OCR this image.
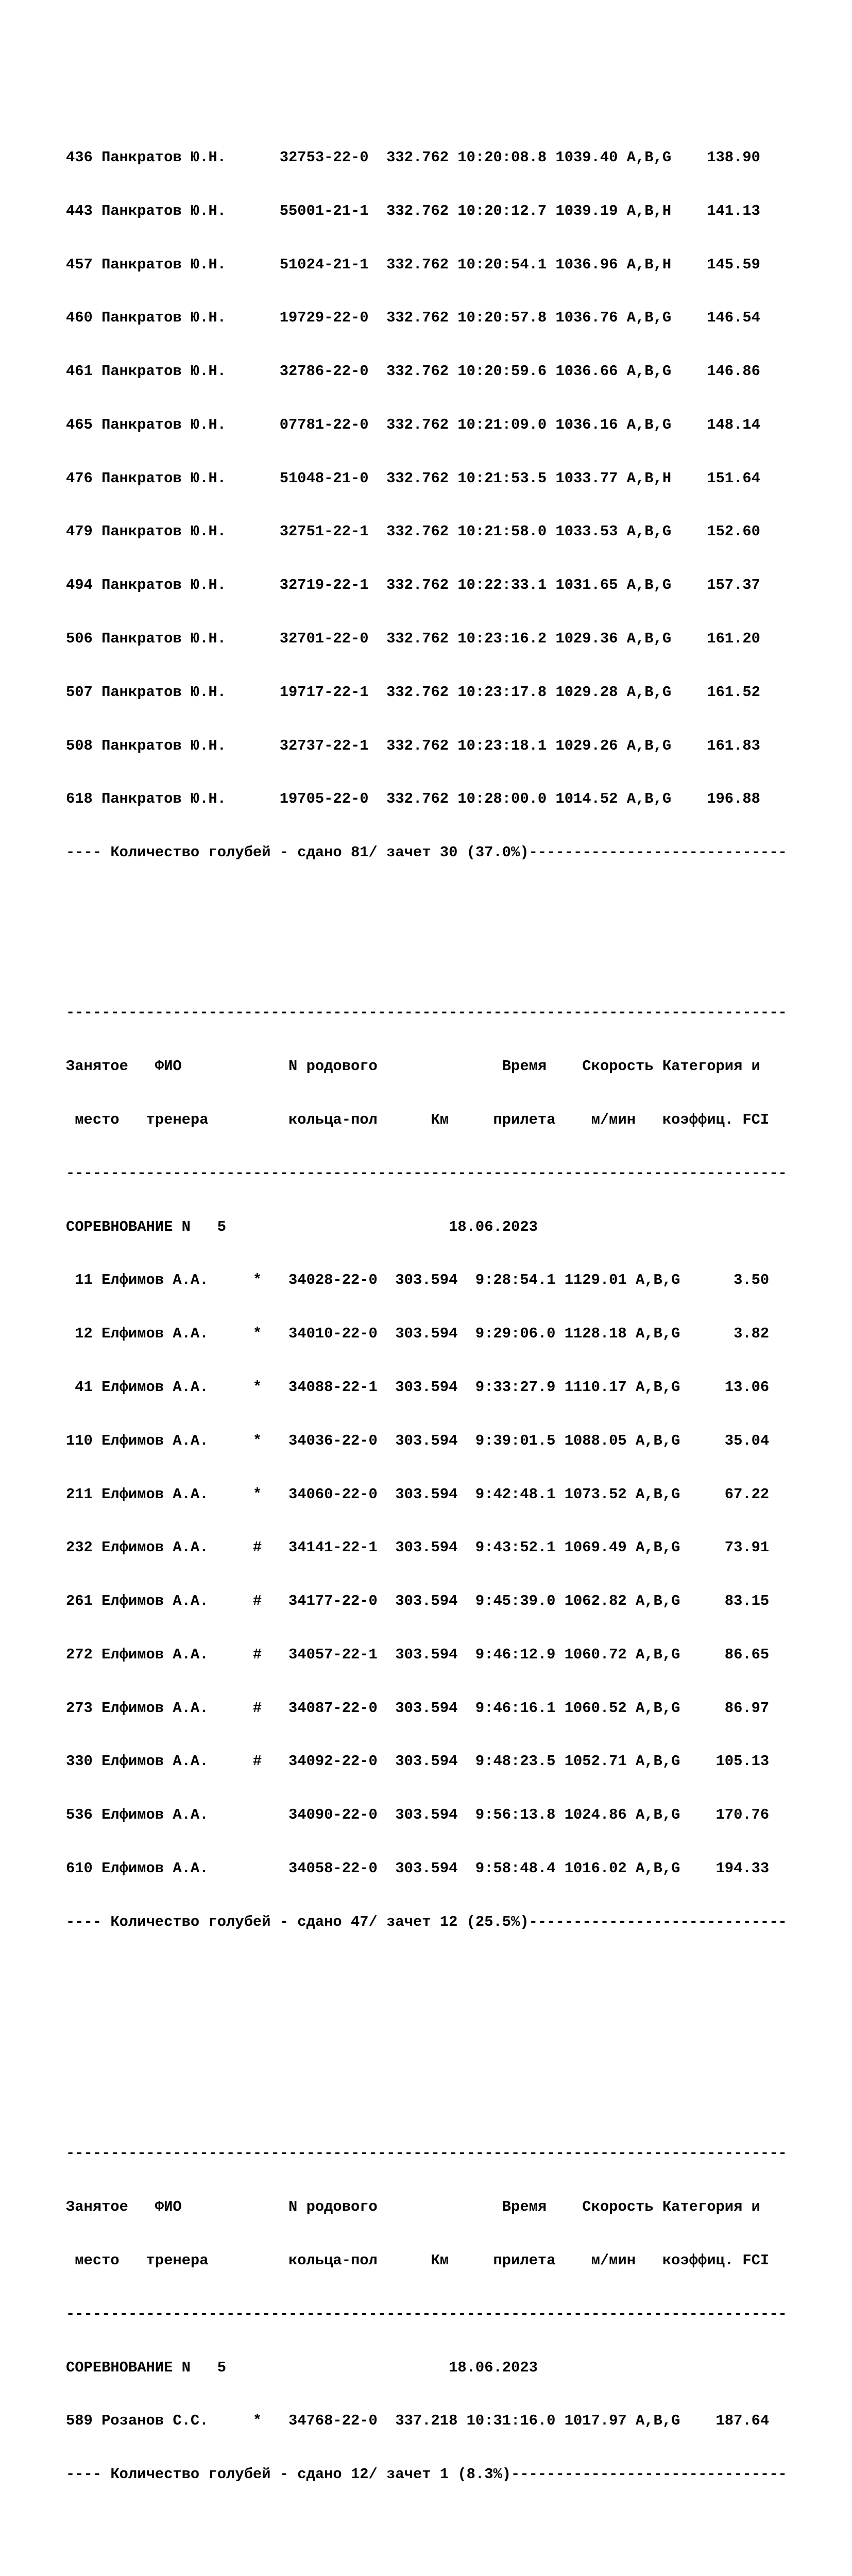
436 Панкратов Ю.Н.      32753-22-0  332.762 10:20:08.8 1039.40 A,B,G    138.90

443 Панкратов Ю.Н.      55001-21-1  332.762 10:20:12.7 1039.19 A,B,H    141.13

457 Панкратов Ю.Н.      51024-21-1  332.762 10:20:54.1 1036.96 A,B,H    145.59

460 Панкратов Ю.Н.      19729-22-0  332.762 10:20:57.8 1036.76 A,B,G    146.54

461 Панкратов Ю.Н.      32786-22-0  332.762 10:20:59.6 1036.66 A,B,G    146.86

465 Панкратов Ю.Н.      07781-22-0  332.762 10:21:09.0 1036.16 A,B,G    148.14

476 Панкратов Ю.Н.      51048-21-0  332.762 10:21:53.5 1033.77 A,B,H    151.64

479 Панкратов Ю.Н.      32751-22-1  332.762 10:21:58.0 1033.53 A,B,G    152.60

494 Панкратов Ю.Н.      32719-22-1  332.762 10:22:33.1 1031.65 A,B,G    157.37

506 Панкратов Ю.Н.      32701-22-0  332.762 10:23:16.2 1029.36 A,B,G    161.20

507 Панкратов Ю.Н.      19717-22-1  332.762 10:23:17.8 1029.28 A,B,G    161.52

508 Панкратов Ю.Н.      32737-22-1  332.762 10:23:18.1 1029.26 A,B,G    161.83

618 Панкратов Ю.Н.      19705-22-0  332.762 10:28:00.0 1014.52 A,B,G    196.88

---- Количество голубей - сдано 81/ зачет 30 (37.0%)-----------------------------

---------------------------------------------------------------------------------

Занятое   ФИО            N родового              Время    Скорость Категория и

место   тренера         кольца-пол      Км     прилета    м/мин   коэффиц. FCI

---------------------------------------------------------------------------------

СОРЕВНОВАНИЕ N   5                         18.06.2023

11 Елфимов А.А.     *   34028-22-0  303.594  9:28:54.1 1129.01 A,B,G      3.50

12 Елфимов А.А.     *   34010-22-0  303.594  9:29:06.0 1128.18 A,B,G      3.82

41 Елфимов А.А.     *   34088-22-1  303.594  9:33:27.9 1110.17 A,B,G     13.06

110 Елфимов А.А.     *   34036-22-0  303.594  9:39:01.5 1088.05 A,B,G     35.04

211 Елфимов А.А.     *   34060-22-0  303.594  9:42:48.1 1073.52 A,B,G     67.22

232 Елфимов А.А.     #   34141-22-1  303.594  9:43:52.1 1069.49 A,B,G     73.91

261 Елфимов А.А.     #   34177-22-0  303.594  9:45:39.0 1062.82 A,B,G     83.15

272 Елфимов А.А.     #   34057-22-1  303.594  9:46:12.9 1060.72 A,B,G     86.65

273 Елфимов А.А.     #   34087-22-0  303.594  9:46:16.1 1060.52 A,B,G     86.97

330 Елфимов А.А.     #   34092-22-0  303.594  9:48:23.5 1052.71 A,B,G    105.13

536 Елфимов А.А.         34090-22-0  303.594  9:56:13.8 1024.86 A,B,G    170.76

610 Елфимов А.А.         34058-22-0  303.594  9:58:48.4 1016.02 A,B,G    194.33

---- Количество голубей - сдано 47/ зачет 12 (25.5%)-----------------------------

---------------------------------------------------------------------------------

Занятое   ФИО            N родового              Время    Скорость Категория и

место   тренера         кольца-пол      Км     прилета    м/мин   коэффиц. FCI

---------------------------------------------------------------------------------

СОРЕВНОВАНИЕ N   5                         18.06.2023

589 Розанов С.С.     *   34768-22-0  337.218 10:31:16.0 1017.97 A,B,G    187.64

---- Количество голубей - сдано 12/ зачет 1 (8.3%)-------------------------------
